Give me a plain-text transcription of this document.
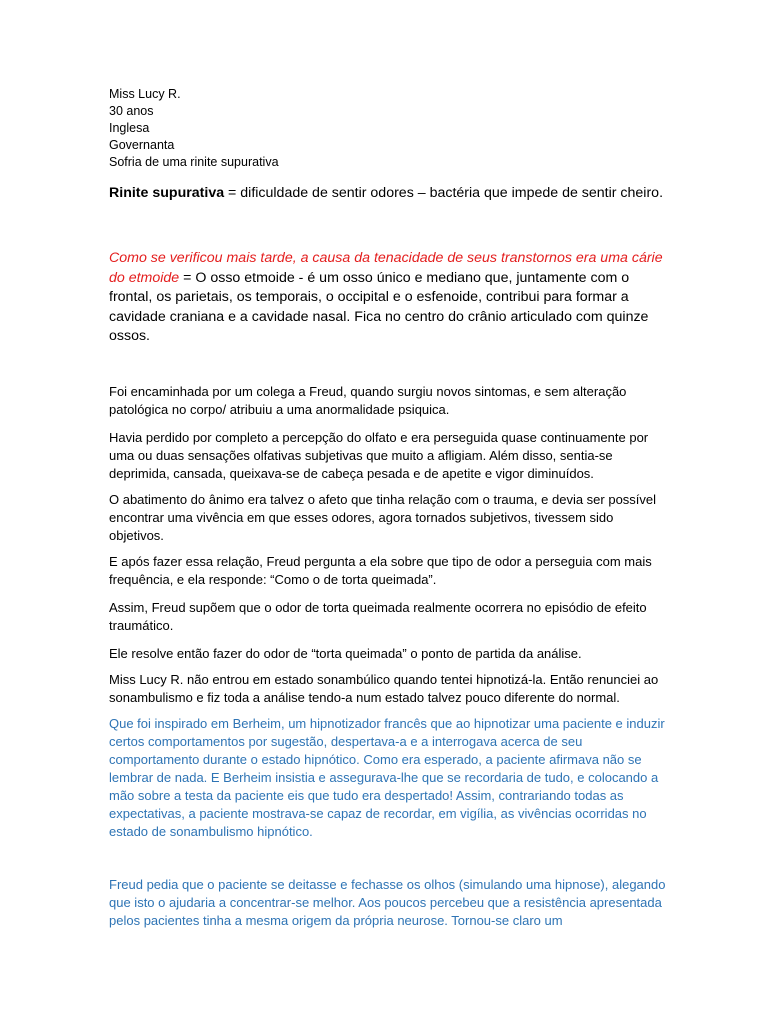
Miss Lucy R.
30 anos
Inglesa
Governanta
Sofria de uma rinite supurativa

Rinite supurativa = dificuldade de sentir odores – bactéria que impede de sentir cheiro.

Como se verificou mais tarde, a causa da tenacidade de seus transtornos era uma cárie do etmoide = O osso etmoide - é um osso único e mediano que, juntamente com o frontal, os parietais, os temporais, o occipital e o esfenoide, contribui para formar a cavidade craniana e a cavidade nasal. Fica no centro do crânio articulado com quinze ossos.

Foi encaminhada por um colega a Freud, quando surgiu novos sintomas, e sem alteração patológica no corpo/ atribuiu a uma anormalidade psiquica.

Havia perdido por completo a percepção do olfato e era perseguida quase continuamente por uma ou duas sensações olfativas subjetivas que muito a afligiam. Além disso, sentia-se deprimida, cansada, queixava-se de cabeça pesada e de apetite e vigor diminuídos.

O abatimento do ânimo era talvez o afeto que tinha relação com o trauma, e devia ser possível encontrar uma vivência em que esses odores, agora tornados subjetivos, tivessem sido objetivos.

E após fazer essa relação, Freud pergunta a ela sobre que tipo de odor a perseguia com mais frequência, e ela responde: “Como o de torta queimada”.

Assim, Freud supõem que o odor de torta queimada realmente ocorrera no episódio de efeito traumático.

Ele resolve então fazer do odor de “torta queimada” o ponto de partida da análise.

Miss Lucy R. não entrou em estado sonambúlico quando tentei hipnotizá-la. Então renunciei ao sonambulismo e fiz toda a análise tendo-a num estado talvez pouco diferente do normal.

Que foi inspirado em Berheim, um hipnotizador francês que ao hipnotizar uma paciente e induzir certos comportamentos por sugestão, despertava-a e a interrogava acerca de seu comportamento durante o estado hipnótico. Como era esperado, a paciente afirmava não se lembrar de nada. E Berheim insistia e assegurava-lhe que se recordaria de tudo, e colocando a mão sobre a testa da paciente eis que tudo era despertado! Assim, contrariando todas as expectativas, a paciente mostrava-se capaz de recordar, em vigília, as vivências ocorridas no estado de sonambulismo hipnótico.

Freud pedia que o paciente se deitasse e fechasse os olhos (simulando uma hipnose), alegando que isto o ajudaria a concentrar-se melhor. Aos poucos percebeu que a resistência apresentada pelos pacientes tinha a mesma origem da própria neurose. Tornou-se claro um
